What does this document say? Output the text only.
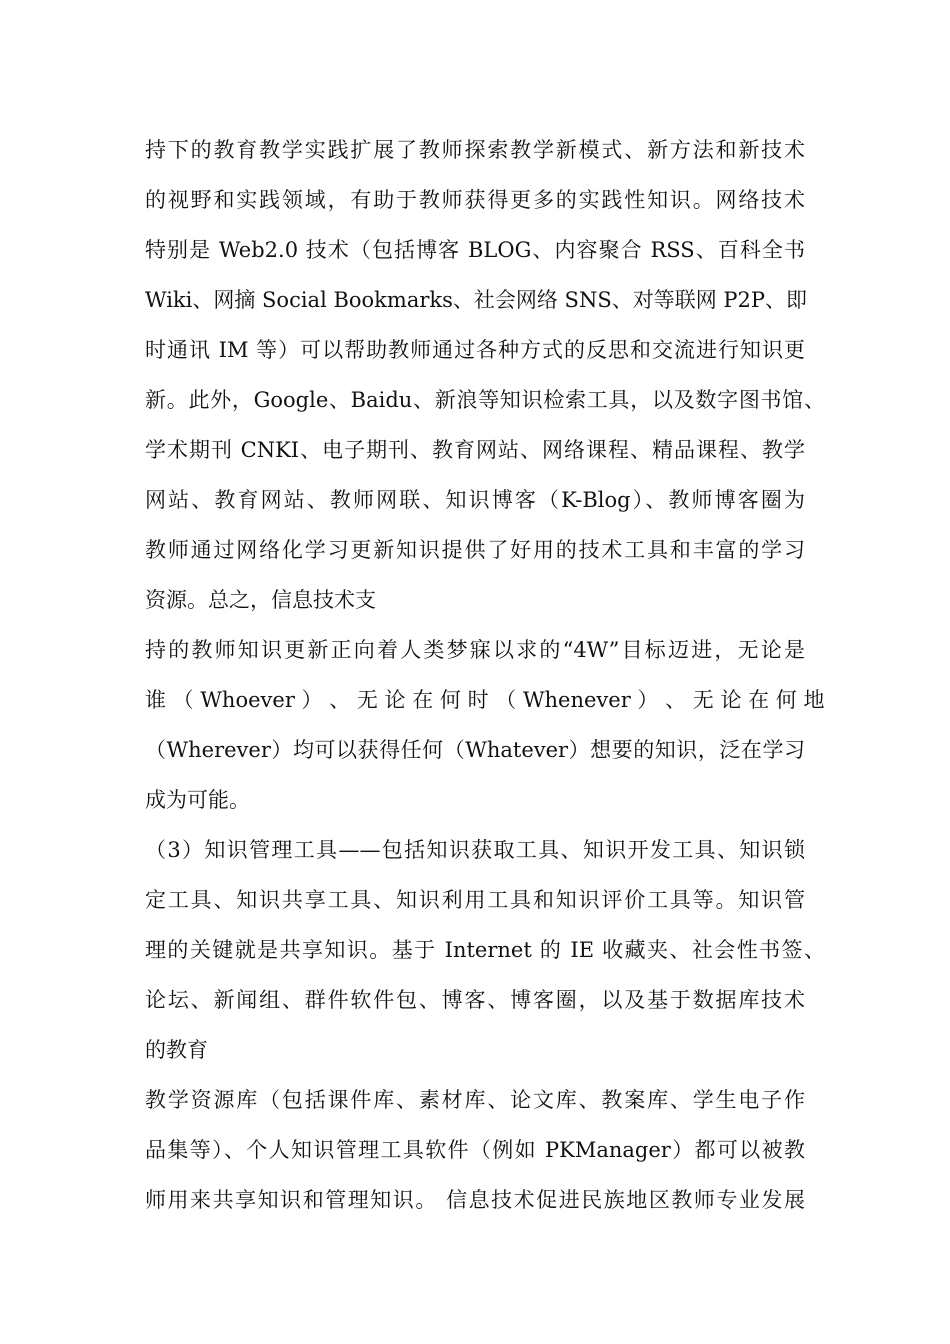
持下的教育教学实践扩展了教师探索教学新模式、新方法和新技术

的视野和实践领域，有助于教师获得更多的实践性知识。网络技术

特别是 Web2.0 技术（包括博客 BLOG、内容聚合 RSS、百科全书

Wiki、网摘 Social Bookmarks、社会网络 SNS、对等联网 P2P、即

时通讯 IM 等）可以帮助教师通过各种方式的反思和交流进行知识更

新。此外，Google、Baidu、新浪等知识检索工具，以及数字图书馆、

学术期刊 CNKI、电子期刊、教育网站、网络课程、精品课程、教学

网站、教育网站、教师网联、知识博客（K-Blog）、教师博客圈为

教师通过网络化学习更新知识提供了好用的技术工具和丰富的学习

资源。总之，信息技术支

持的教师知识更新正向着人类梦寐以求的“4W”目标迈进，无论是

谁 （ Whoever ） 、 无 论 在 何 时 （ Whenever ） 、 无 论 在 何 地

（Wherever）均可以获得任何（Whatever）想要的知识，泛在学习

成为可能。

（3）知识管理工具——包括知识获取工具、知识开发工具、知识锁

定工具、知识共享工具、知识利用工具和知识评价工具等。知识管

理的关键就是共享知识。基于 Internet 的 IE 收藏夹、社会性书签、

论坛、新闻组、群件软件包、博客、博客圈，以及基于数据库技术

的教育

教学资源库（包括课件库、素材库、论文库、教案库、学生电子作

品集等）、个人知识管理工具软件（例如 PKManager）都可以被教

师用来共享知识和管理知识。 信息技术促进民族地区教师专业发展
